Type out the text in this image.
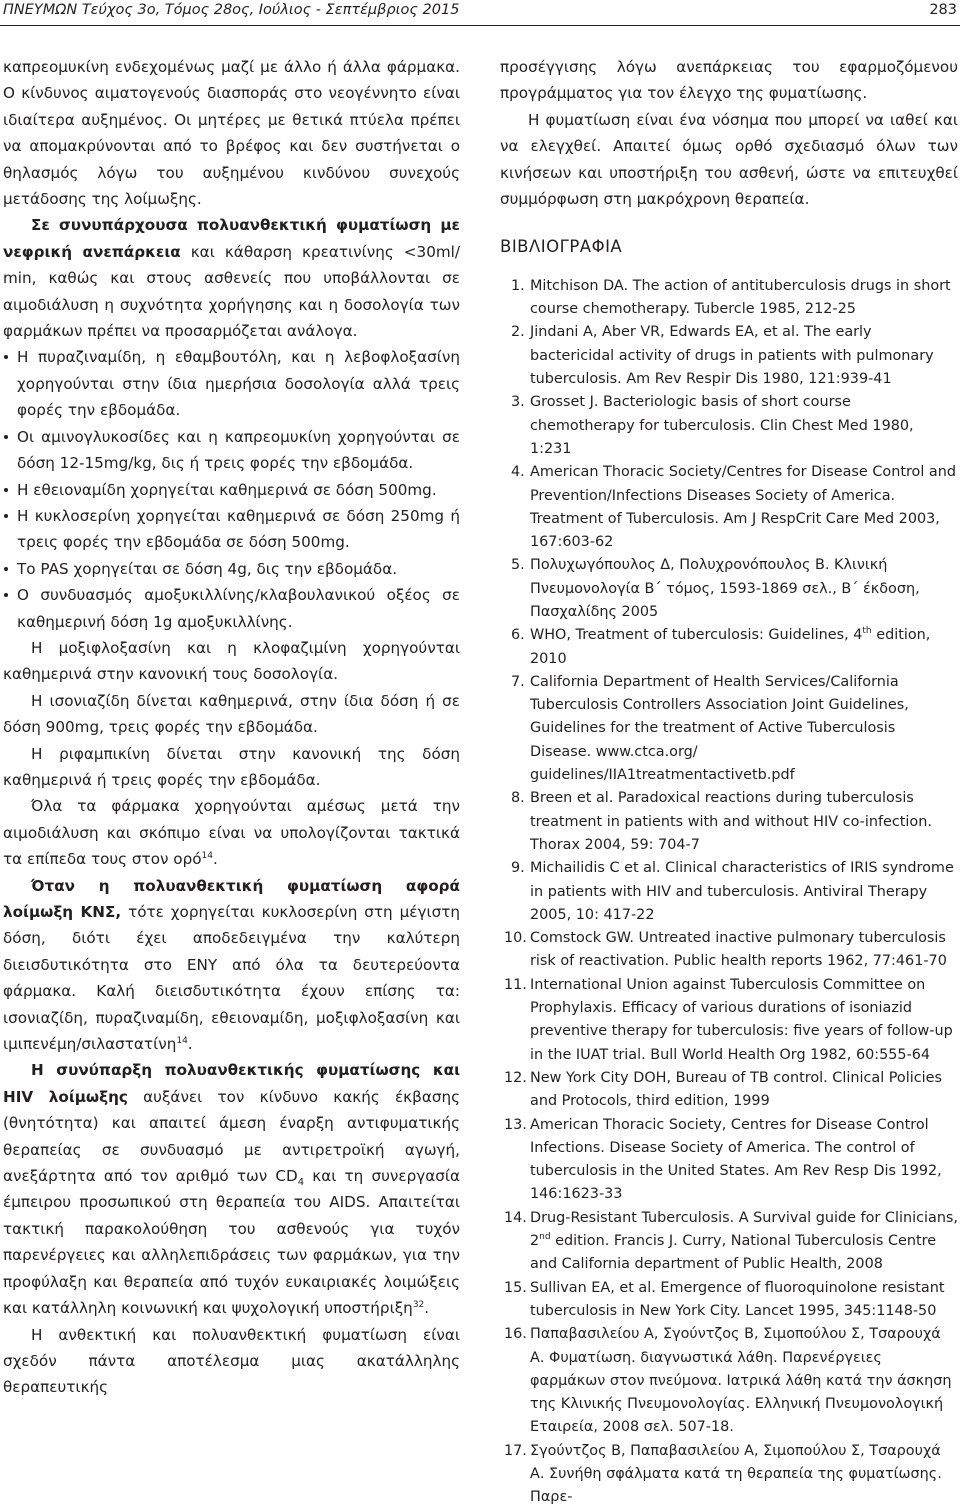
ΠΝΕΥΜΩΝ Τεύχος 3ο, Τόμος 28ος, Ιούλιος - Σεπτέμβριος 2015	283

καπρεομυκίνη ενδεχομένως μαζί με άλλο ή άλλα φάρμακα. Ο κίνδυνος αιματογενούς διασποράς στο νεογέννητο είναι ιδιαίτερα αυξημένος. Οι μητέρες με θετικά πτύελα πρέπει να απομακρύνονται από το βρέφος και δεν συστήνεται ο θηλασμός λόγω του αυξημένου κινδύνου συνεχούς μετάδοσης της λοίμωξης.

Σε συνυπάρχουσα πολυανθεκτική φυματίωση με νεφρική ανεπάρκεια και κάθαρση κρεατινίνης <30ml/ min, καθώς και στους ασθενείς που υποβάλλονται σε αιμοδιάλυση η συχνότητα χορήγησης και η δοσολογία των φαρμάκων πρέπει να προσαρμόζεται ανάλογα.

Η πυραζιναμίδη, η εθαμβουτόλη, και η λεβοφλοξασίνη χορηγούνται στην ίδια ημερήσια δοσολογία αλλά τρεις φορές την εβδομάδα.

Οι αμινογλυκοσίδες και η καπρεομυκίνη χορηγούνται σε δόση 12-15mg/kg, δις ή τρεις φορές την εβδομάδα.

Η εθειοναμίδη χορηγείται καθημερινά σε δόση 500mg.

Η κυκλοσερίνη χορηγείται καθημερινά σε δόση 250mg ή τρεις φορές την εβδομάδα σε δόση 500mg.

Το PAS χορηγείται σε δόση 4g, δις την εβδομάδα.

Ο συνδυασμός αμοξυκιλλίνης/κλαβουλανικού οξέος σε καθημερινή δόση 1g αμοξυκιλλίνης.

Η μοξιφλοξασίνη και η κλοφαζιμίνη χορηγούνται καθημερινά στην κανονική τους δοσολογία.

Η ισονιαζίδη δίνεται καθημερινά, στην ίδια δόση ή σε δόση 900mg, τρεις φορές την εβδομάδα.

Η ριφαμπικίνη δίνεται στην κανονική της δόση καθημερινά ή τρεις φορές την εβδομάδα.

Όλα τα φάρμακα χορηγούνται αμέσως μετά την αιμοδιάλυση και σκόπιμο είναι να υπολογίζονται τακτικά τα επίπεδα τους στον ορό$^{14}$.

Όταν η πολυανθεκτική φυματίωση αφορά λοίμωξη ΚΝΣ, τότε χορηγείται κυκλοσερίνη στη μέγιστη δόση, διότι έχει αποδεδειγμένα την καλύτερη διεισδυτικότητα στο ΕΝΥ από όλα τα δευτερεύοντα φάρμακα. Καλή διεισδυτικότητα έχουν επίσης τα: ισονιαζίδη, πυραζιναμίδη, εθειοναμίδη, μοξιφλοξασίνη και ιμιπενέμη/σιλαστατίνη$^{14}$.

Η συνύπαρξη πολυανθεκτικής φυματίωσης και HIV λοίμωξης αυξάνει τον κίνδυνο κακής έκβασης (θνητότητα) και απαιτεί άμεση έναρξη αντιφυματικής θεραπείας σε συνδυασμό με αντιρετροϊκή αγωγή, ανεξάρτητα από τον αριθμό των $CD_4$ και τη συνεργασία έμπειρου προσωπικού στη θεραπεία του AIDS. Απαιτείται τακτική παρακολούθηση του ασθενούς για τυχόν παρενέργειες και αλληλεπιδράσεις των φαρμάκων, για την προφύλαξη και θεραπεία από τυχόν ευκαιριακές λοιμώξεις και κατάλληλη κοινωνική και ψυχολογική υποστήριξη$^{32}$.

Η ανθεκτική και πολυανθεκτική φυματίωση είναι σχεδόν πάντα αποτέλεσμα μιας ακατάλληλης θεραπευτικής

προσέγγισης λόγω ανεπάρκειας του εφαρμοζόμενου προγράμματος για τον έλεγχο της φυματίωσης.

Η φυματίωση είναι ένα νόσημα που μπορεί να ιαθεί και να ελεγχθεί. Απαιτεί όμως ορθό σχεδιασμό όλων των κινήσεων και υποστήριξη του ασθενή, ώστε να επιτευχθεί συμμόρφωση στη μακρόχρονη θεραπεία.

ΒΙΒΛΙΟΓΡΑΦΙΑ

1. Mitchison DA. The action of antituberculosis drugs in short course chemotherapy. Tubercle 1985, 212-25

2. Jindani A, Aber VR, Edwards EA, et al. The early bactericidal activity of drugs in patients with pulmonary tuberculosis. Am Rev Respir Dis 1980, 121:939-41

3. Grosset J. Bacteriologic basis of short course chemotherapy for tuberculosis. Clin Chest Med 1980, 1:231

4. American Thoracic Society/Centres for Disease Control and Prevention/Infections Diseases Society of America. Treatment of Tuberculosis. Am J RespCrit Care Med 2003, 167:603-62

5. Πολυχωγόπουλος Δ, Πολυχρονόπουλος Β. Κλινική Πνευμονολογία Β΄ τόμος, 1593-1869 σελ., Β΄ έκδοση, Πασχαλίδης 2005

6. WHO, Treatment of tuberculosis: Guidelines, 4th edition, 2010

7. California Department of Health Services/California Tuberculosis Controllers Association Joint Guidelines, Guidelines for the treatment of Active Tuberculosis Disease. www.ctca.org/ guidelines/IIA1treatmentactivetb.pdf

8. Breen et al. Paradoxical reactions during tuberculosis treatment in patients with and without HIV co-infection. Thorax 2004, 59: 704-7

9. Michailidis C et al. Clinical characteristics of IRIS syndrome in patients with HIV and tuberculosis. Antiviral Therapy 2005, 10: 417-22

10. Comstock GW. Untreated inactive pulmonary tuberculosis risk of reactivation. Public health reports 1962, 77:461-70

11. International Union against Tuberculosis Committee on Prophylaxis. Efficacy of various durations of isoniazid preventive therapy for tuberculosis: five years of follow-up in the IUAT trial. Bull World Health Org 1982, 60:555-64

12. New York City DOH, Bureau of TB control. Clinical Policies and Protocols, third edition, 1999

13. American Thoracic Society, Centres for Disease Control Infections. Disease Society of America. The control of tuberculosis in the United States. Am Rev Resp Dis 1992, 146:1623-33

14. Drug-Resistant Tuberculosis. A Survival guide for Clinicians, 2nd edition. Francis J. Curry, National Tuberculosis Centre and California department of Public Health, 2008

15. Sullivan EA, et al. Emergence of fluoroquinolone resistant tuberculosis in New York City. Lancet 1995, 345:1148-50

16. Παπαβασιλείου Α, Σγούντζος Β, Σιμοπούλου Σ, Τσαρουχά Α. Φυματίωση. διαγνωστικά λάθη. Παρενέργειες φαρμάκων στον πνεύμονα. Ιατρικά λάθη κατά την άσκηση της Κλινικής Πνευμονολογίας. Ελληνική Πνευμονολογική Εταιρεία, 2008 σελ. 507-18.

17. Σγούντζος Β, Παπαβασιλείου Α, Σιμοπούλου Σ, Τσαρουχά Α. Συνήθη σφάλματα κατά τη θεραπεία της φυματίωσης. Παρε-
